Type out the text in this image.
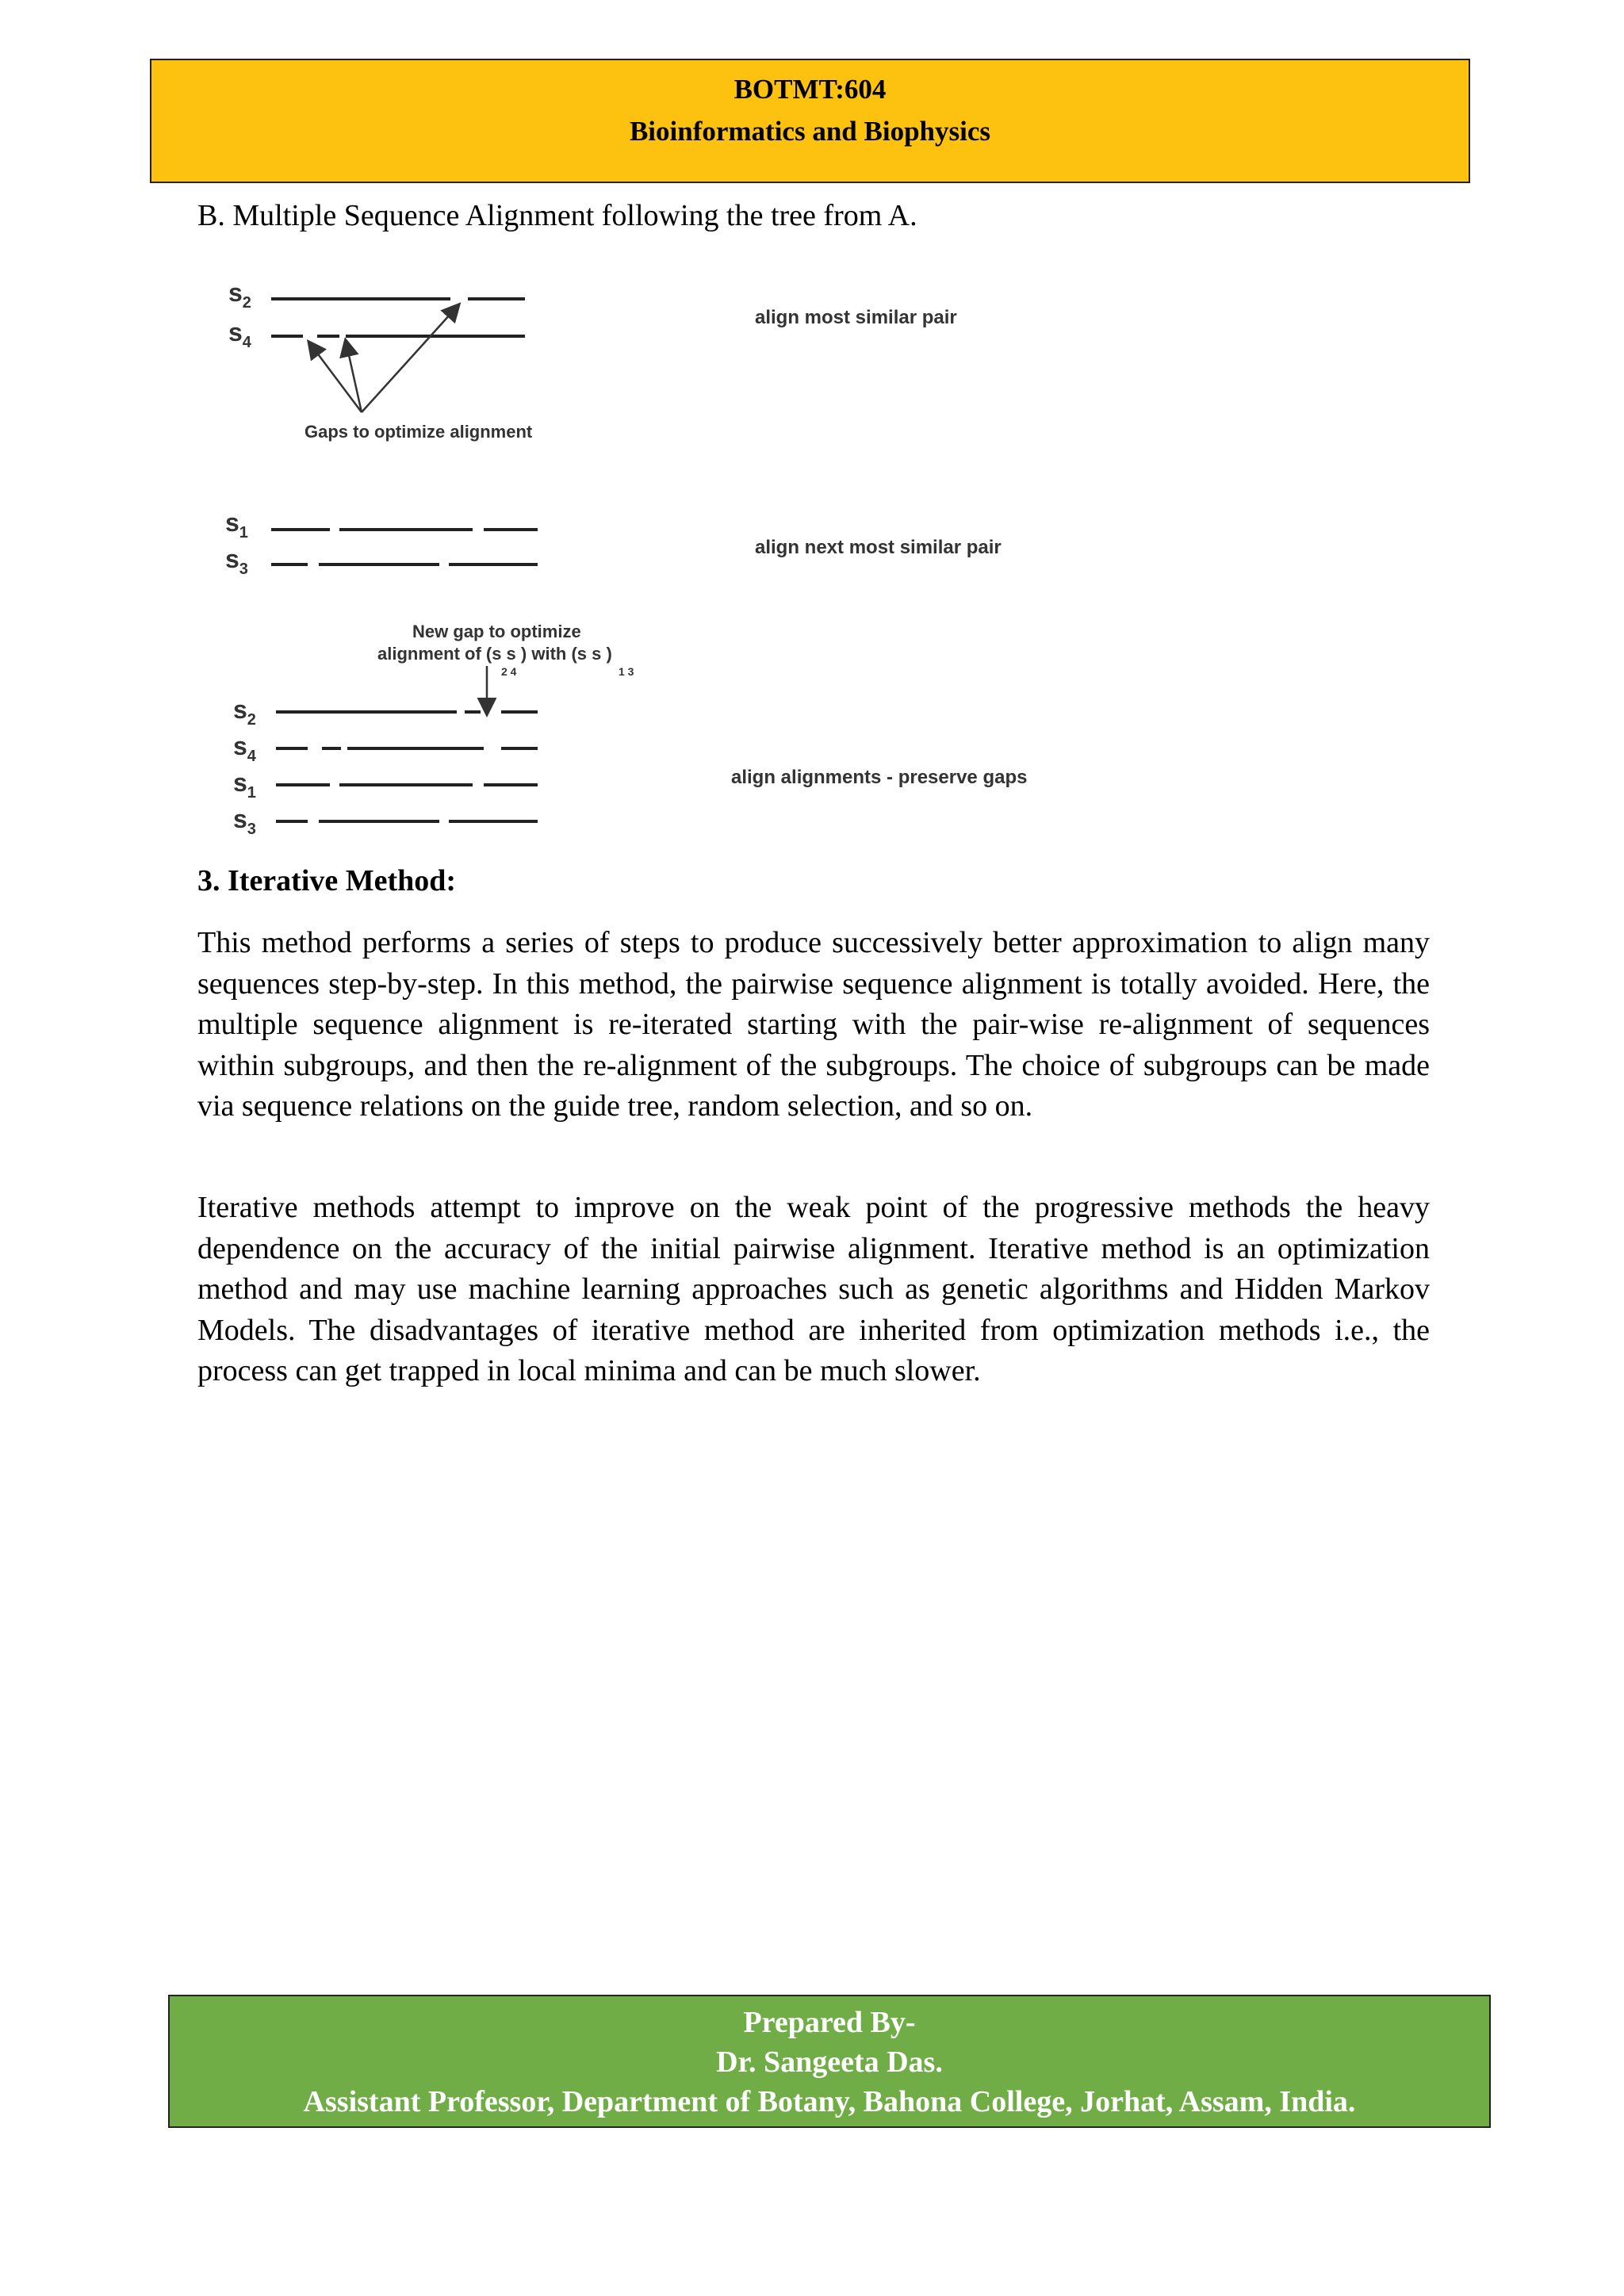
BOTMT:604
Bioinformatics and Biophysics
B. Multiple Sequence Alignment following the tree from A.
$s_2$
$s_4$
Gaps to optimize alignment
align most similar pair
$s_1$
$s_3$
align next most similar pair
New gap to optimize
alignment of (s s ) with (s s )
2 4	1 3
$s_2$
$s_4$
$s_1$
$s_3$
align alignments - preserve gaps
3. Iterative Method:

This method performs a series of steps to produce successively better approximation to align many sequences step-by-step. In this method, the pairwise sequence alignment is totally avoided. Here, the multiple sequence alignment is re-iterated starting with the pair-wise re-alignment of sequences within subgroups, and then the re-alignment of the subgroups. The choice of subgroups can be made via sequence relations on the guide tree, random selection, and so on.

Iterative methods attempt to improve on the weak point of the progressive methods the heavy dependence on the accuracy of the initial pairwise alignment. Iterative method is an optimization method and may use machine learning approaches such as genetic algorithms and Hidden Markov Models. The disadvantages of iterative method are inherited from optimization methods i.e., the process can get trapped in local minima and can be much slower.

Prepared By-
Dr. Sangeeta Das.
Assistant Professor, Department of Botany, Bahona College, Jorhat, Assam, India.
